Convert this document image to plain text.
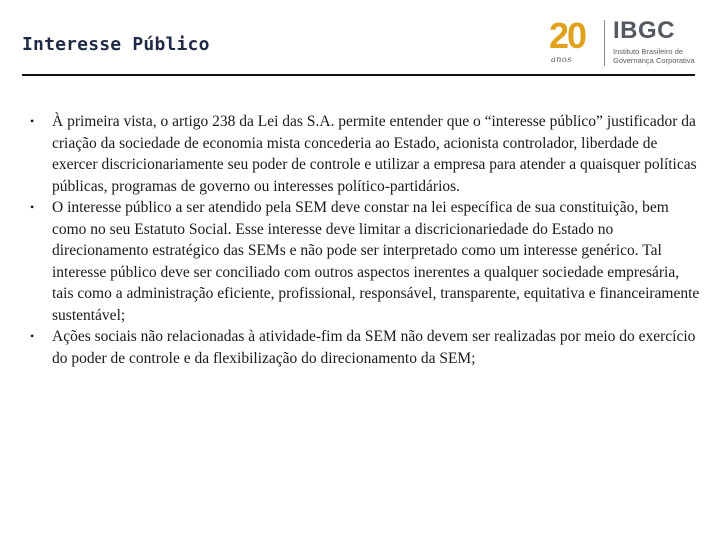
Interesse Público	20
anos
IBGC
Instituto Brasileiro de
Governança Corporativa
• À primeira vista, o artigo 238 da Lei das S.A. permite entender que o “interesse público” justificador da criação da sociedade de economia mista concederia ao Estado, acionista controlador, liberdade de exercer discricionariamente seu poder de controle e utilizar a empresa para atender a quaisquer políticas públicas, programas de governo ou interesses político-partidários.
• O interesse público a ser atendido pela SEM deve constar na lei específica de sua constituição, bem como no seu Estatuto Social. Esse interesse deve limitar a discricionariedade do Estado no direcionamento estratégico das SEMs e não pode ser interpretado como um interesse genérico. Tal interesse público deve ser conciliado com outros aspectos inerentes a qualquer sociedade empresária, tais como a administração eficiente, profissional, responsável, transparente, equitativa e financeiramente sustentável;
• Ações sociais não relacionadas à atividade-fim da SEM não devem ser realizadas por meio do exercício do poder de controle e da flexibilização do direcionamento da SEM;
